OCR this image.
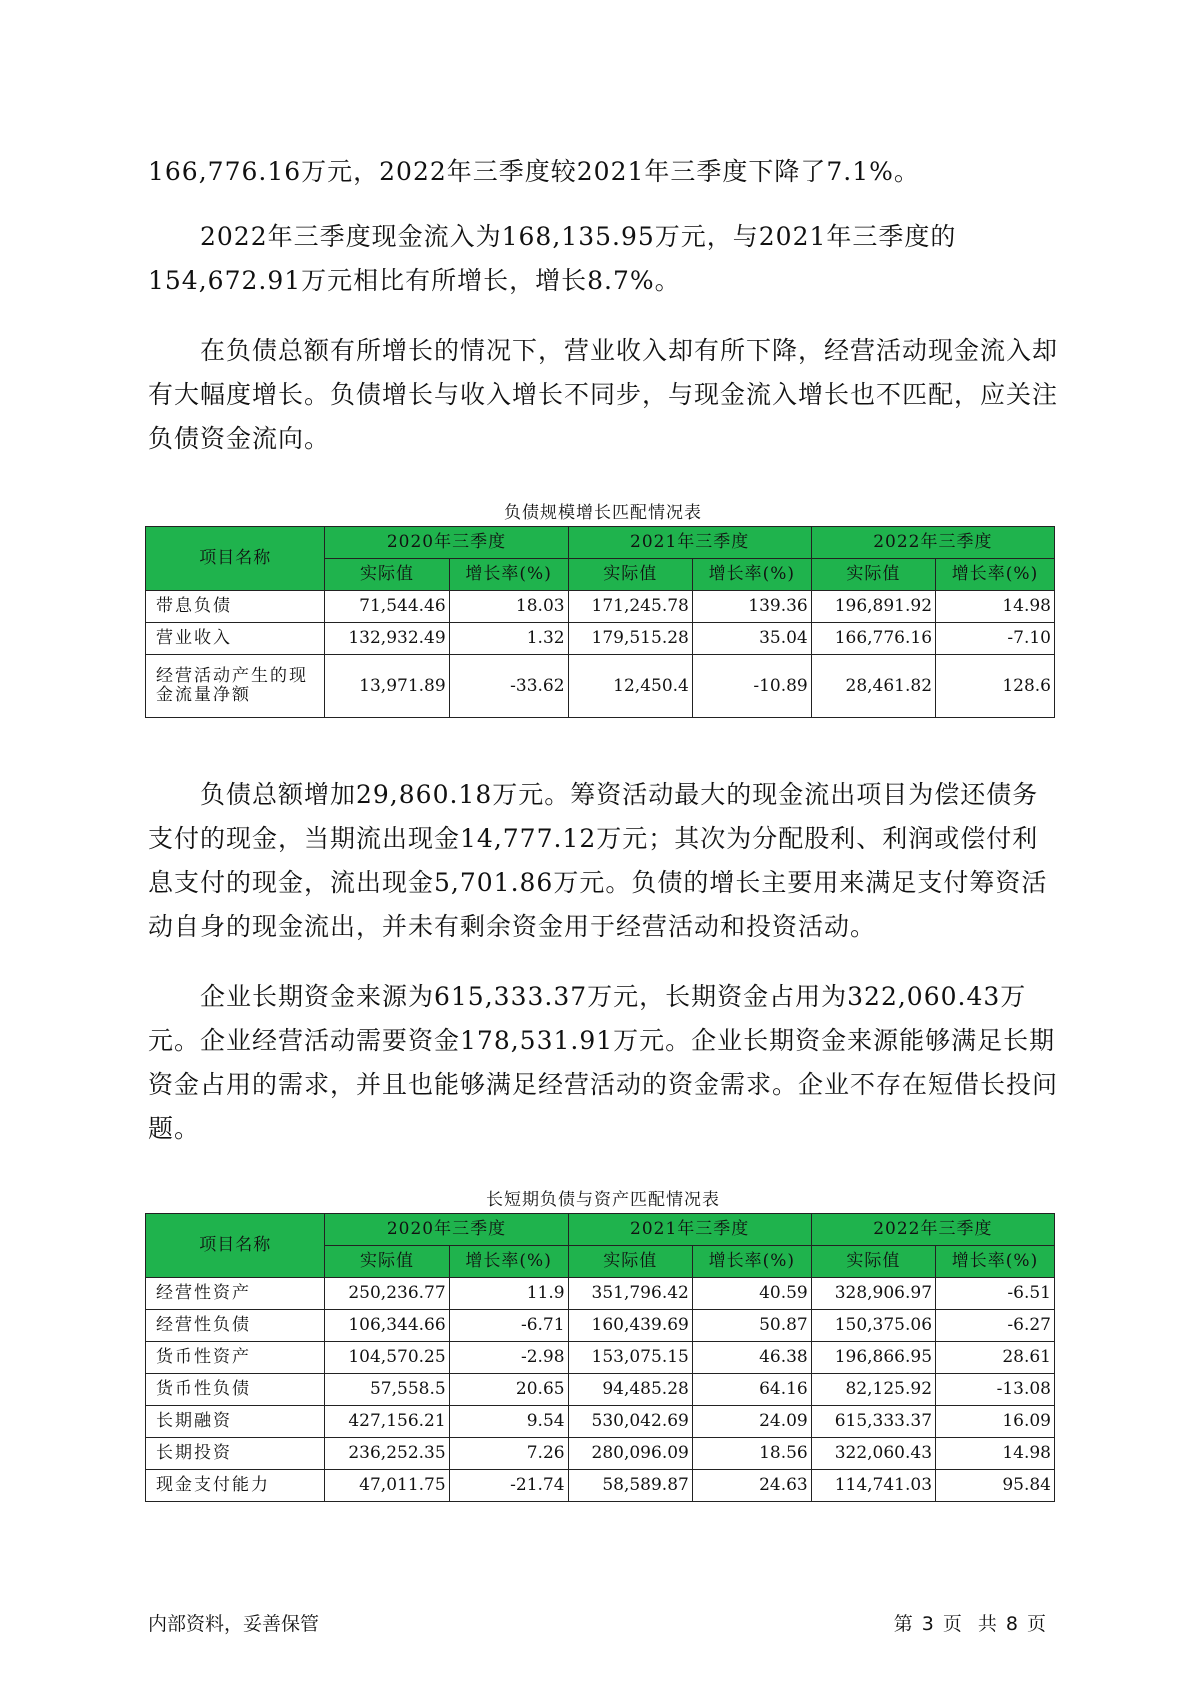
166,776.16万元，2022年三季度较2021年三季度下降了7.1%。

2022年三季度现金流入为168,135.95万元，与2021年三季度的154,672.91万元相比有所增长，增长8.7%。

在负债总额有所增长的情况下，营业收入却有所下降，经营活动现金流入却有大幅度增长。负债增长与收入增长不同步，与现金流入增长也不匹配，应关注负债资金流向。

负债规模增长匹配情况表
项目名称	2020年三季度		2021年三季度		2022年三季度	
	实际值	增长率(%)	实际值	增长率(%)	实际值	增长率(%)
带息负债	71,544.46	18.03	171,245.78	139.36	196,891.92	14.98
营业收入	132,932.49	1.32	179,515.28	35.04	166,776.16	-7.10
经营活动产生的现金流量净额	13,971.89	-33.62	12,450.4	-10.89	28,461.82	128.6

负债总额增加29,860.18万元。筹资活动最大的现金流出项目为偿还债务支付的现金，当期流出现金14,777.12万元；其次为分配股利、利润或偿付利息支付的现金，流出现金5,701.86万元。负债的增长主要用来满足支付筹资活动自身的现金流出，并未有剩余资金用于经营活动和投资活动。

企业长期资金来源为615,333.37万元，长期资金占用为322,060.43万元。企业经营活动需要资金178,531.91万元。企业长期资金来源能够满足长期资金占用的需求，并且也能够满足经营活动的资金需求。企业不存在短借长投问题。

长短期负债与资产匹配情况表
项目名称	2020年三季度		2021年三季度		2022年三季度	
	实际值	增长率(%)	实际值	增长率(%)	实际值	增长率(%)
经营性资产	250,236.77	11.9	351,796.42	40.59	328,906.97	-6.51
经营性负债	106,344.66	-6.71	160,439.69	50.87	150,375.06	-6.27
货币性资产	104,570.25	-2.98	153,075.15	46.38	196,866.95	28.61
货币性负债	57,558.5	20.65	94,485.28	64.16	82,125.92	-13.08
长期融资	427,156.21	9.54	530,042.69	24.09	615,333.37	16.09
长期投资	236,252.35	7.26	280,096.09	18.56	322,060.43	14.98
现金支付能力	47,011.75	-21.74	58,589.87	24.63	114,741.03	95.84
内部资料，妥善保管	第 3 页 共 8 页
